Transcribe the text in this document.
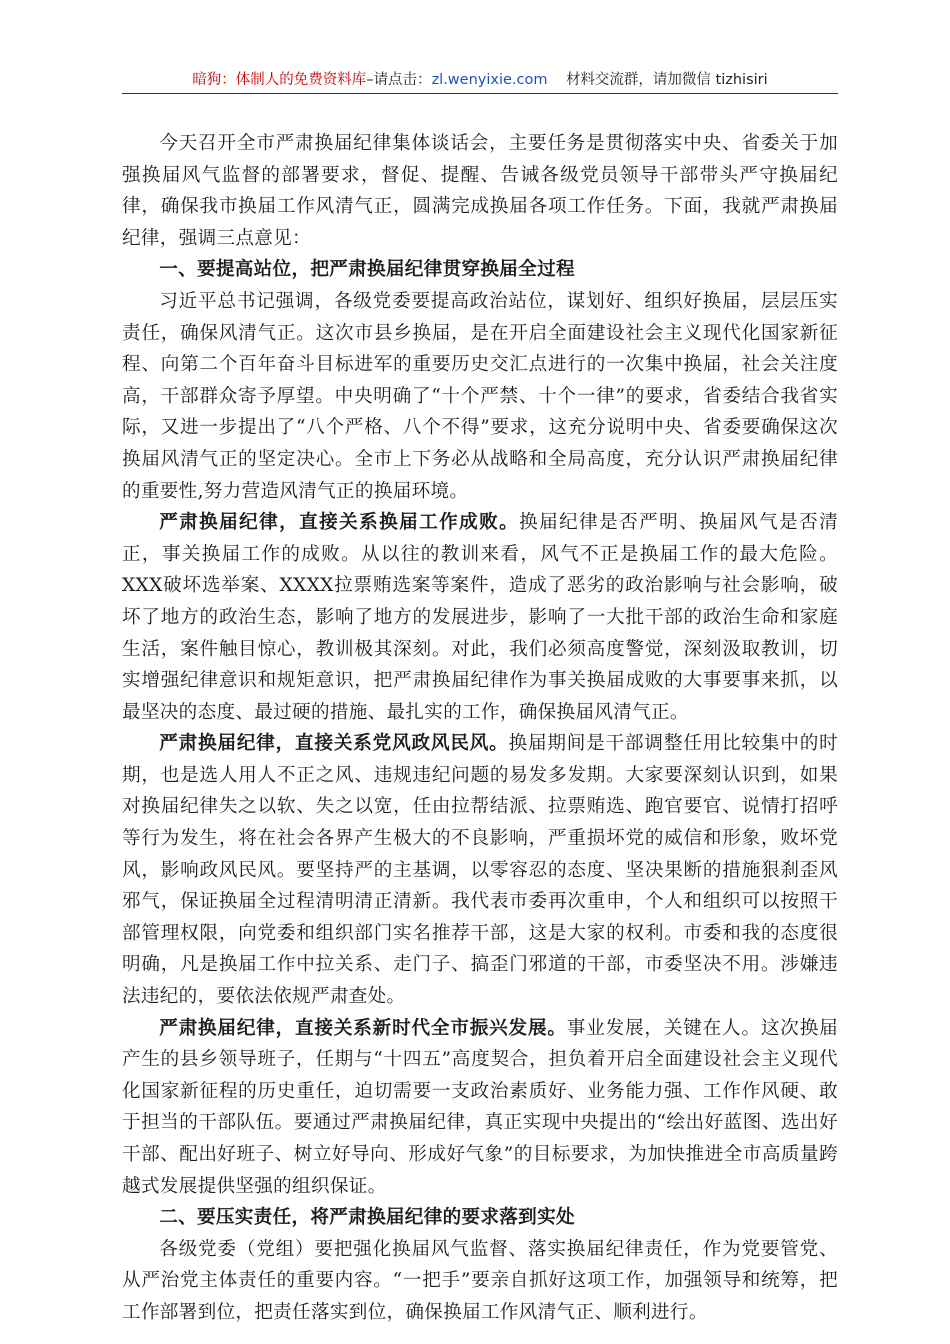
暗狗：体制人的免费资料库–请点击：zl.wenyixie.com 材料交流群，请加微信 tizhisiri

今天召开全市严肃换届纪律集体谈话会，主要任务是贯彻落实中央、省委关于加强换届风气监督的部署要求，督促、提醒、告诫各级党员领导干部带头严守换届纪律，确保我市换届工作风清气正，圆满完成换届各项工作任务。下面，我就严肃换届纪律，强调三点意见：

一、要提高站位，把严肃换届纪律贯穿换届全过程

习近平总书记强调，各级党委要提高政治站位，谋划好、组织好换届，层层压实责任，确保风清气正。这次市县乡换届，是在开启全面建设社会主义现代化国家新征程、向第二个百年奋斗目标进军的重要历史交汇点进行的一次集中换届，社会关注度高，干部群众寄予厚望。中央明确了“十个严禁、十个一律”的要求，省委结合我省实际，又进一步提出了“八个严格、八个不得”要求，这充分说明中央、省委要确保这次换届风清气正的坚定决心。全市上下务必从战略和全局高度，充分认识严肃换届纪律的重要性,努力营造风清气正的换届环境。

严肃换届纪律，直接关系换届工作成败。换届纪律是否严明、换届风气是否清正，事关换届工作的成败。从以往的教训来看，风气不正是换届工作的最大危险。XXX破坏选举案、XXXX拉票贿选案等案件，造成了恶劣的政治影响与社会影响，破坏了地方的政治生态，影响了地方的发展进步，影响了一大批干部的政治生命和家庭生活，案件触目惊心，教训极其深刻。对此，我们必须高度警觉，深刻汲取教训，切实增强纪律意识和规矩意识，把严肃换届纪律作为事关换届成败的大事要事来抓，以最坚决的态度、最过硬的措施、最扎实的工作，确保换届风清气正。

严肃换届纪律，直接关系党风政风民风。换届期间是干部调整任用比较集中的时期，也是选人用人不正之风、违规违纪问题的易发多发期。大家要深刻认识到，如果对换届纪律失之以软、失之以宽，任由拉帮结派、拉票贿选、跑官要官、说情打招呼等行为发生，将在社会各界产生极大的不良影响，严重损坏党的威信和形象，败坏党风，影响政风民风。要坚持严的主基调，以零容忍的态度、坚决果断的措施狠刹歪风邪气，保证换届全过程清明清正清新。我代表市委再次重申，个人和组织可以按照干部管理权限，向党委和组织部门实名推荐干部，这是大家的权利。市委和我的态度很明确，凡是换届工作中拉关系、走门子、搞歪门邪道的干部，市委坚决不用。涉嫌违法违纪的，要依法依规严肃查处。

严肃换届纪律，直接关系新时代全市振兴发展。事业发展，关键在人。这次换届产生的县乡领导班子，任期与“十四五”高度契合，担负着开启全面建设社会主义现代化国家新征程的历史重任，迫切需要一支政治素质好、业务能力强、工作作风硬、敢于担当的干部队伍。要通过严肃换届纪律，真正实现中央提出的“绘出好蓝图、选出好干部、配出好班子、树立好导向、形成好气象”的目标要求，为加快推进全市高质量跨越式发展提供坚强的组织保证。

二、要压实责任，将严肃换届纪律的要求落到实处

各级党委（党组）要把强化换届风气监督、落实换届纪律责任，作为党要管党、从严治党主体责任的重要内容。“一把手”要亲自抓好这项工作，加强领导和统筹，把工作部署到位，把责任落实到位，确保换届工作风清气正、顺利进行。
